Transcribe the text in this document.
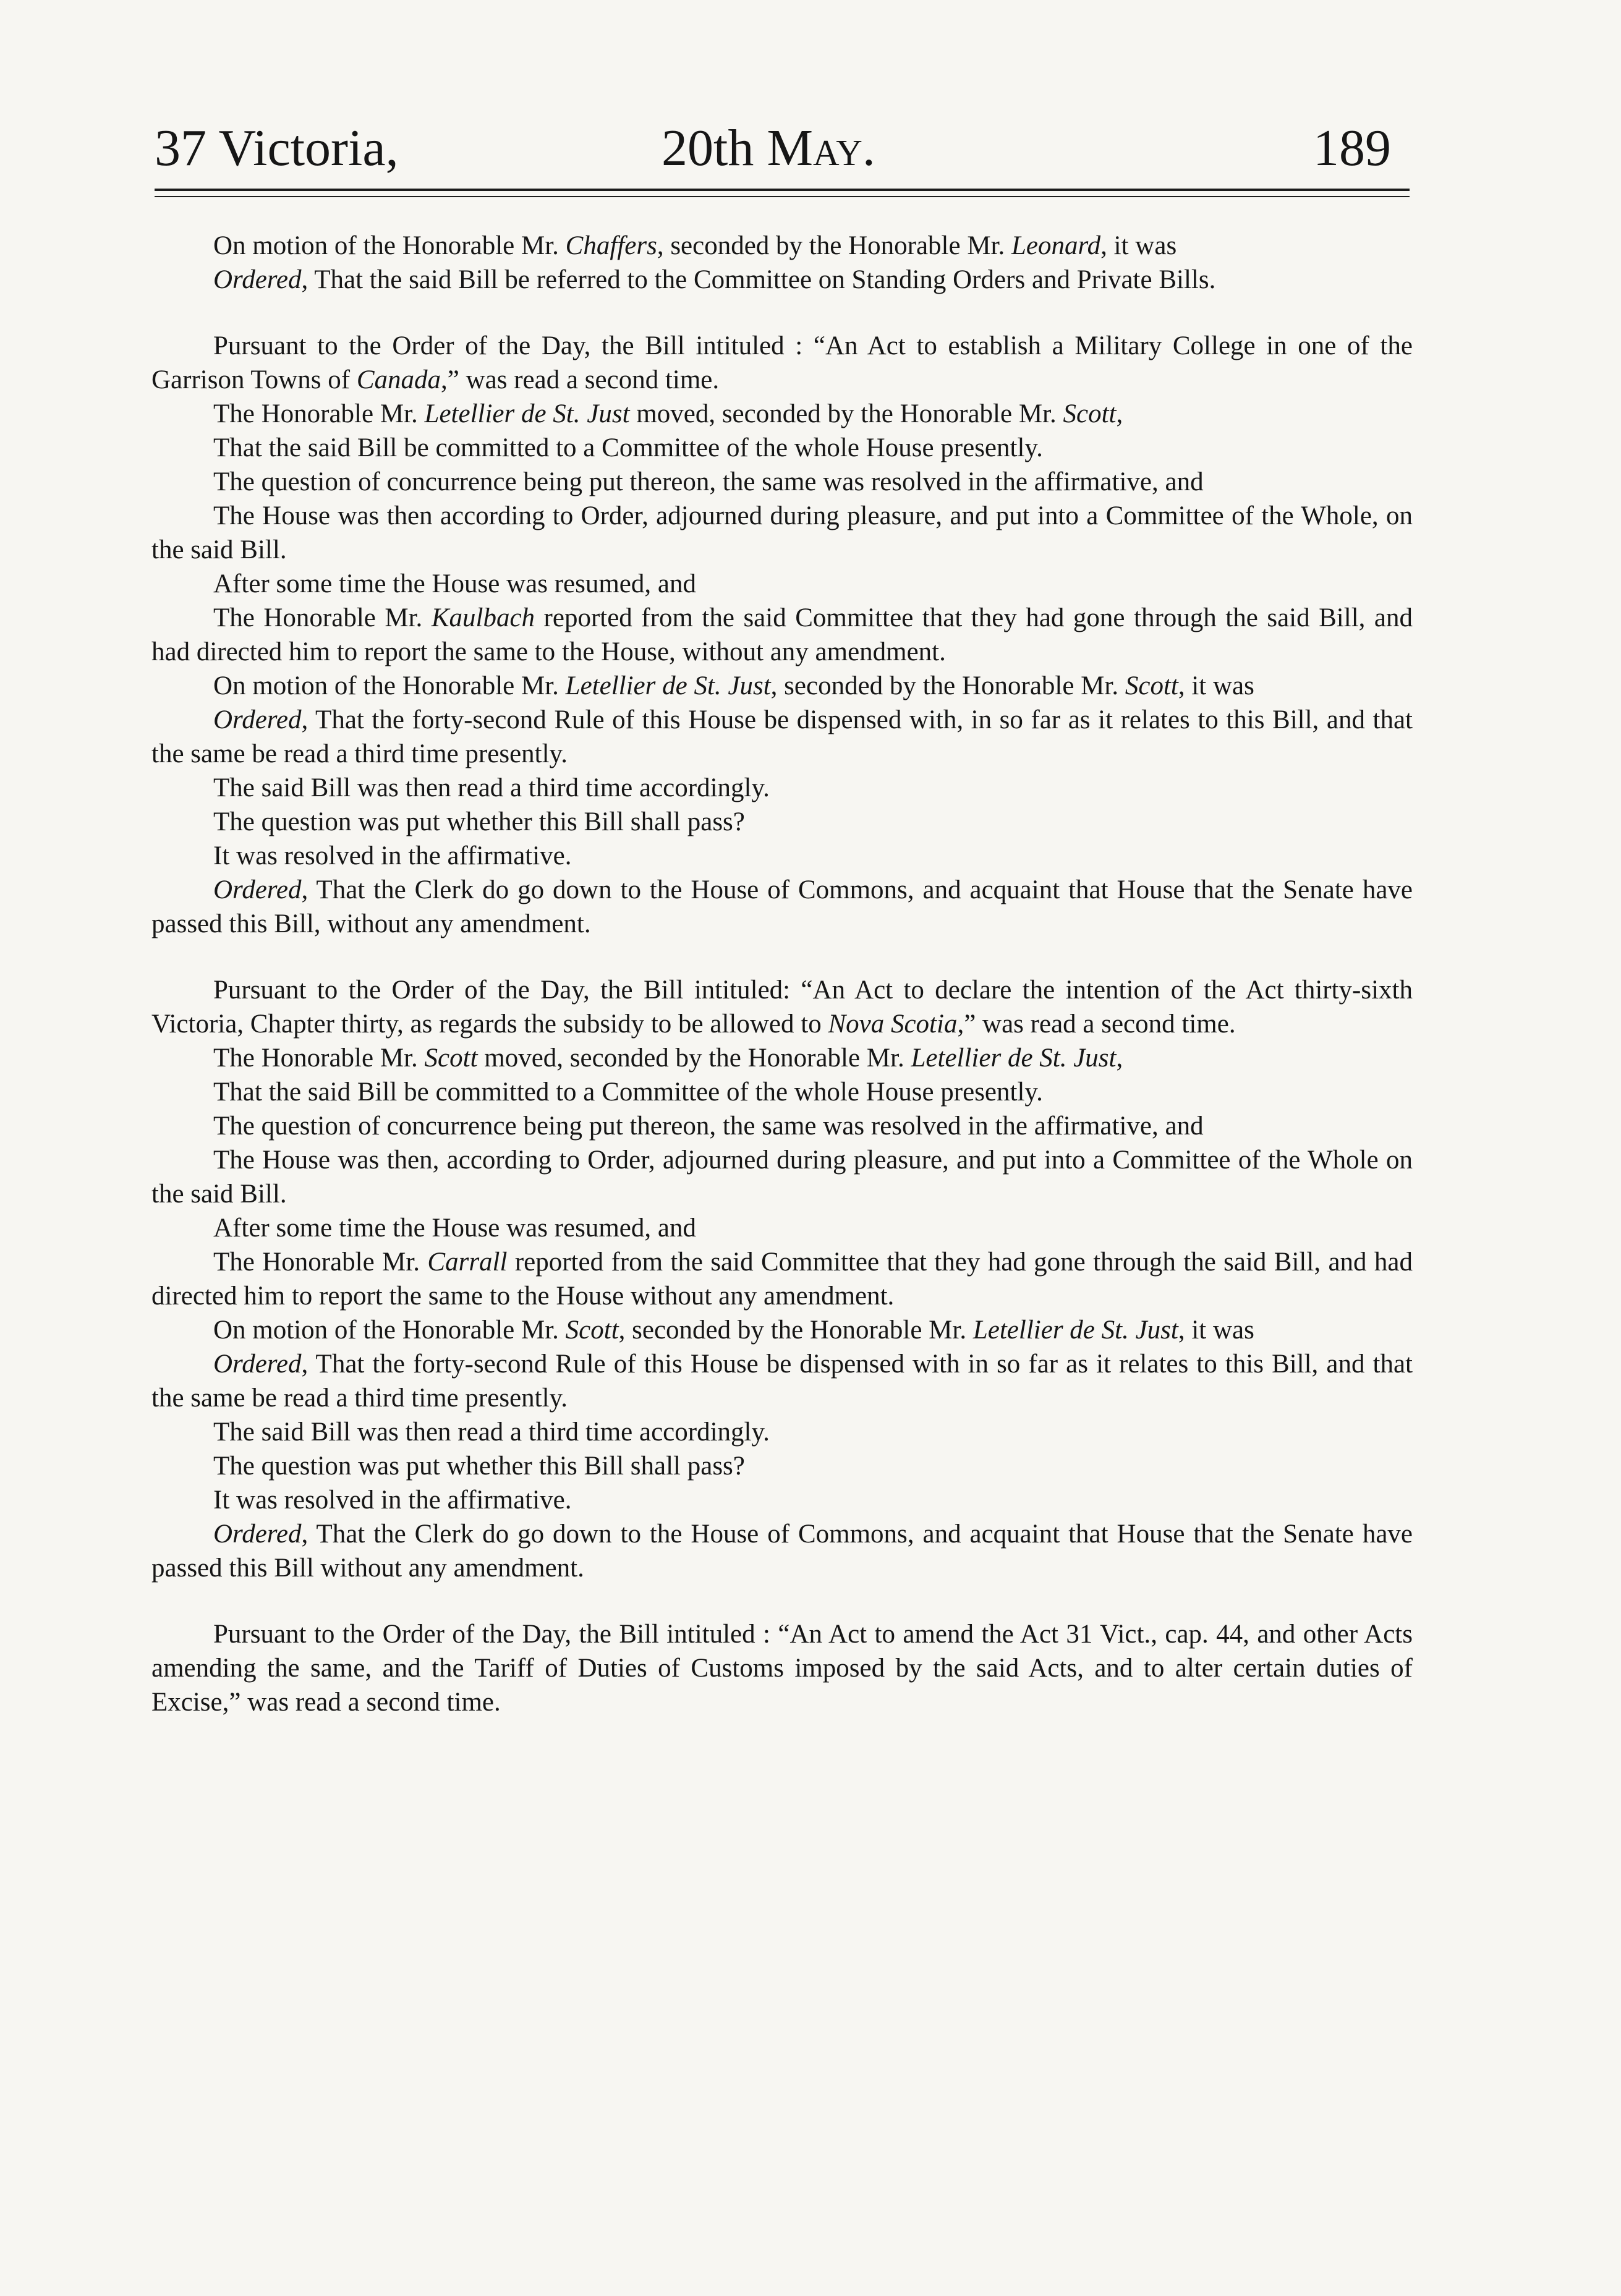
37 Victoria,	20th May.	189

On motion of the Honorable Mr. Chaffers, seconded by the Honorable Mr. Leonard, it was

Ordered, That the said Bill be referred to the Committee on Standing Orders and Private Bills.

Pursuant to the Order of the Day, the Bill intituled : “An Act to establish a Military College in one of the Garrison Towns of Canada,” was read a second time.

The Honorable Mr. Letellier de St. Just moved, seconded by the Honorable Mr. Scott,

That the said Bill be committed to a Committee of the whole House presently.

The question of concurrence being put thereon, the same was resolved in the affirmative, and

The House was then according to Order, adjourned during pleasure, and put into a Committee of the Whole, on the said Bill.

After some time the House was resumed, and

The Honorable Mr. Kaulbach reported from the said Committee that they had gone through the said Bill, and had directed him to report the same to the House, without any amendment.

On motion of the Honorable Mr. Letellier de St. Just, seconded by the Honorable Mr. Scott, it was

Ordered, That the forty-second Rule of this House be dispensed with, in so far as it relates to this Bill, and that the same be read a third time presently.

The said Bill was then read a third time accordingly.

The question was put whether this Bill shall pass?

It was resolved in the affirmative.

Ordered, That the Clerk do go down to the House of Commons, and acquaint that House that the Senate have passed this Bill, without any amendment.

Pursuant to the Order of the Day, the Bill intituled: “An Act to declare the intention of the Act thirty-sixth Victoria, Chapter thirty, as regards the subsidy to be allowed to Nova Scotia,” was read a second time.

The Honorable Mr. Scott moved, seconded by the Honorable Mr. Letellier de St. Just,

That the said Bill be committed to a Committee of the whole House presently.

The question of concurrence being put thereon, the same was resolved in the affirmative, and

The House was then, according to Order, adjourned during pleasure, and put into a Committee of the Whole on the said Bill.

After some time the House was resumed, and

The Honorable Mr. Carrall reported from the said Committee that they had gone through the said Bill, and had directed him to report the same to the House without any amendment.

On motion of the Honorable Mr. Scott, seconded by the Honorable Mr. Letellier de St. Just, it was

Ordered, That the forty-second Rule of this House be dispensed with in so far as it relates to this Bill, and that the same be read a third time presently.

The said Bill was then read a third time accordingly.

The question was put whether this Bill shall pass?

It was resolved in the affirmative.

Ordered, That the Clerk do go down to the House of Commons, and acquaint that House that the Senate have passed this Bill without any amendment.

Pursuant to the Order of the Day, the Bill intituled : “An Act to amend the Act 31 Vict., cap. 44, and other Acts amending the same, and the Tariff of Duties of Customs imposed by the said Acts, and to alter certain duties of Excise,” was read a second time.
